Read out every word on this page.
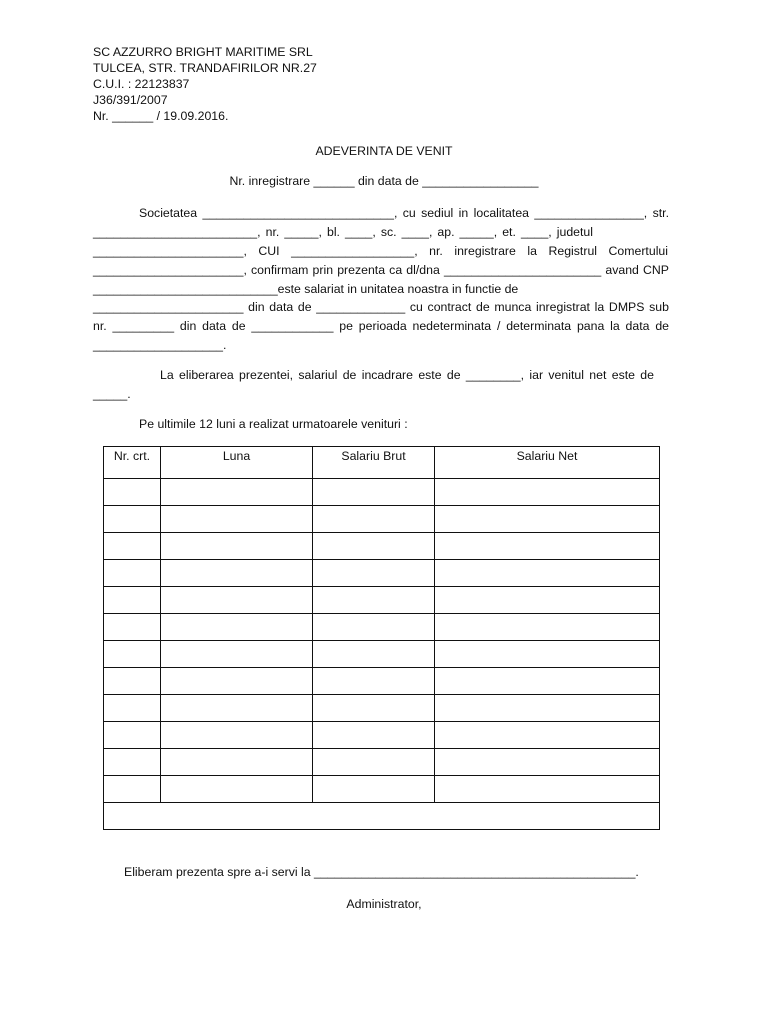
SC AZZURRO BRIGHT MARITIME SRL
TULCEA, STR. TRANDAFIRILOR NR.27
C.U.I. : 22123837
J36/391/2007
Nr. ______ / 19.09.2016.
ADEVERINTA DE VENIT
Nr. inregistrare ______ din data de _________________
Societatea ____________________________, cu sediul in localitatea ________________, str.
________________________, nr. _____, bl. ____, sc. ____, ap. _____, et. ____, judetul
______________________, CUI __________________, nr. inregistrare la Registrul Comertului
______________________, confirmam prin prezenta ca dl/dna _______________________ avand CNP
___________________________este salariat in unitatea noastra in functie de
______________________ din data de _____________ cu contract de munca inregistrat la DMPS sub
nr. _________ din data de ____________ pe perioada nedeterminata / determinata pana la data de
___________________.
La eliberarea prezentei, salariul de incadrare este de ________, iar venitul net este de
_____.
Pe ultimile 12 luni a realizat urmatoarele venituri :
Nr. crt.	Luna	Salariu Brut	Salariu Net

Eliberam prezenta spre a-i servi la _______________________________________________.
Administrator,
